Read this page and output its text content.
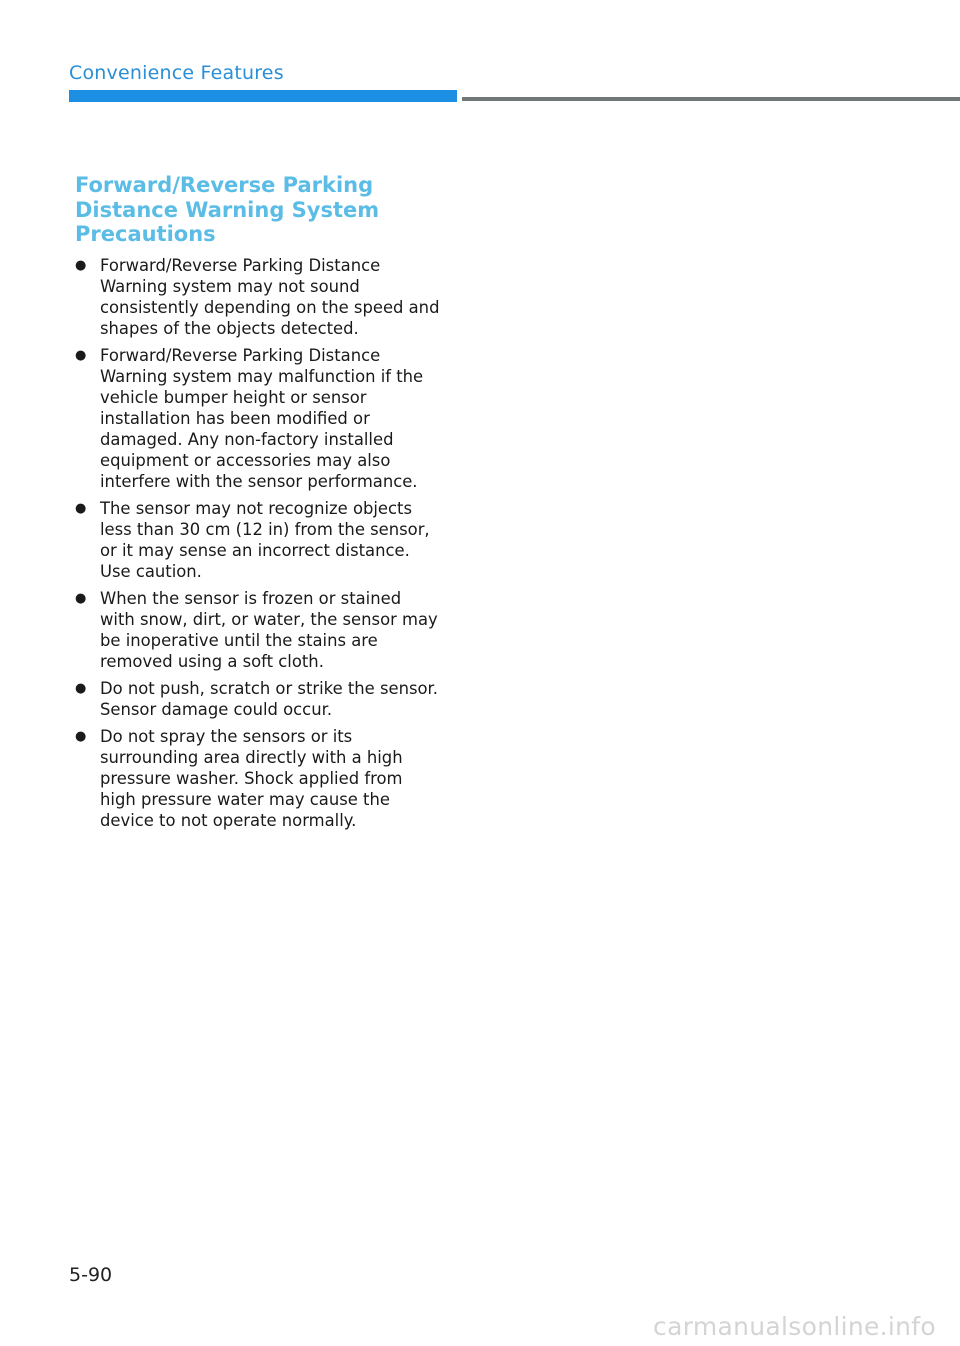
Convenience Features
Forward/Reverse Parking
Distance Warning System
Precautions
● Forward/Reverse Parking Distance Warning system may not sound consistently depending on the speed and shapes of the objects detected.
● Forward/Reverse Parking Distance Warning system may malfunction if the vehicle bumper height or sensor installation has been modified or damaged. Any non-factory installed equipment or accessories may also interfere with the sensor performance.
● The sensor may not recognize objects less than 30 cm (12 in) from the sensor, or it may sense an incorrect distance. Use caution.
● When the sensor is frozen or stained with snow, dirt, or water, the sensor may be inoperative until the stains are removed using a soft cloth.
● Do not push, scratch or strike the sensor. Sensor damage could occur.
● Do not spray the sensors or its surrounding area directly with a high pressure washer. Shock applied from high pressure water may cause the device to not operate normally.

5-90

carmanualsonline.info
